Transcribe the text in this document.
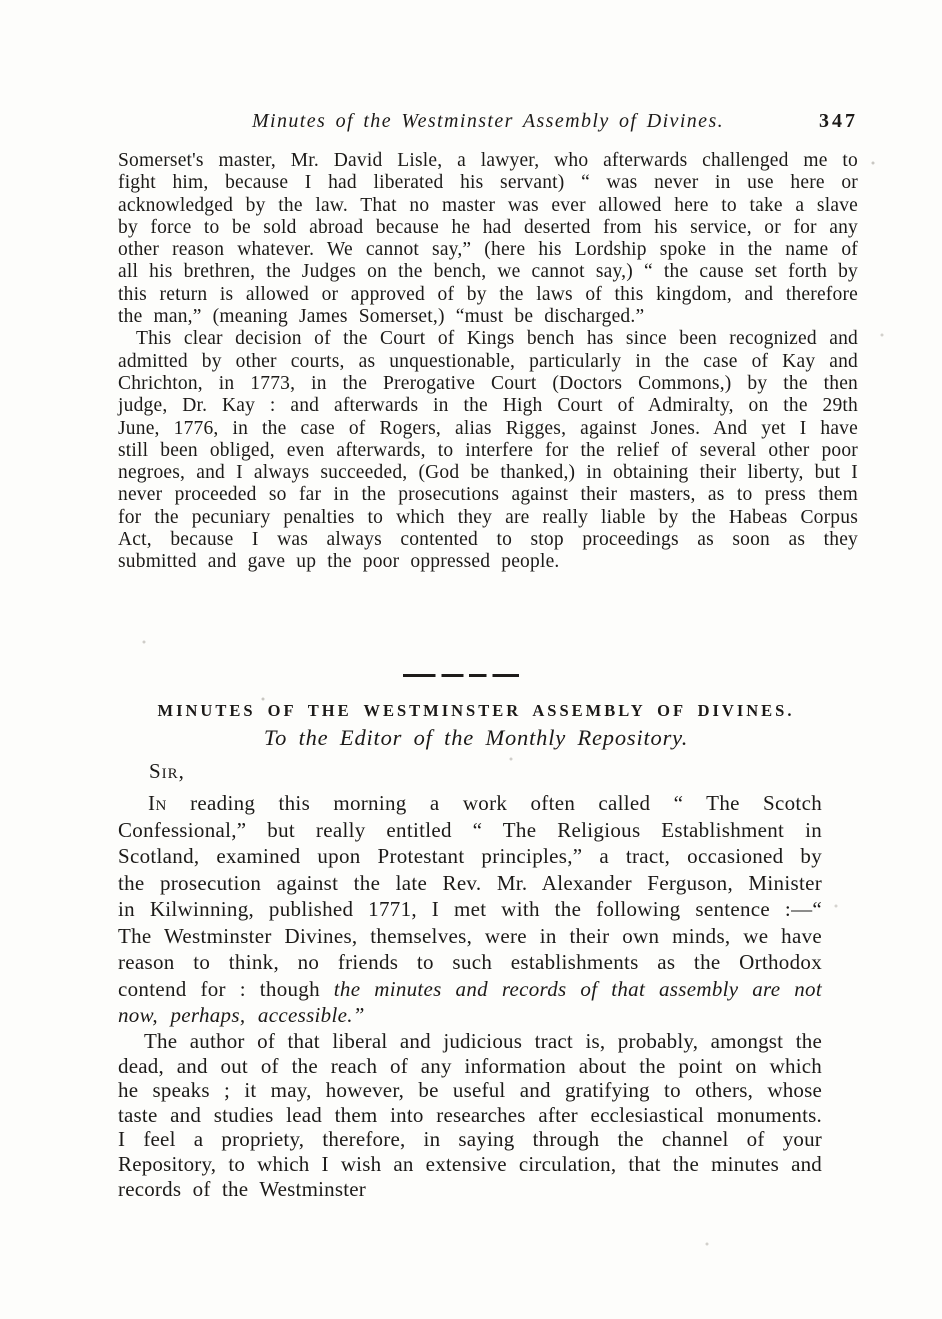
Minutes of the Westminster Assembly of Divines.	347

Somerset's master, Mr. David Lisle, a lawyer, who afterwards challenged me to fight him, because I had liberated his servant) “ was never in use here or acknowledged by the law. That no master was ever allowed here to take a slave by force to be sold abroad because he had deserted from his service, or for any other reason whatever. We cannot say,” (here his Lordship spoke in the name of all his brethren, the Judges on the bench, we cannot say,) “ the cause set forth by this return is allowed or approved of by the laws of this kingdom, and therefore the man,” (meaning James Somerset,) “must be discharged.”

This clear decision of the Court of Kings bench has since been recognized and admitted by other courts, as unquestionable, particularly in the case of Kay and Chrichton, in 1773, in the Prerogative Court (Doctors Commons,) by the then judge, Dr. Kay : and afterwards in the High Court of Admiralty, on the 29th June, 1776, in the case of Rogers, alias Rigges, against Jones. And yet I have still been obliged, even afterwards, to interfere for the relief of several other poor negroes, and I always succeeded, (God be thanked,) in obtaining their liberty, but I never proceeded so far in the prosecutions against their masters, as to press them for the pecuniary penalties to which they are really liable by the Habeas Corpus Act, because I was always contented to stop proceedings as soon as they submitted and gave up the poor oppressed people.

MINUTES OF THE WESTMINSTER ASSEMBLY OF DIVINES.
To the Editor of the Monthly Repository.
Sir,

In reading this morning a work often called “ The Scotch Confessional,” but really entitled “ The Religious Establishment in Scotland, examined upon Protestant principles,” a tract, occasioned by the prosecution against the late Rev. Mr. Alexander Ferguson, Minister in Kilwinning, published 1771, I met with the following sentence :—“ The Westminster Divines, themselves, were in their own minds, we have reason to think, no friends to such establishments as the Orthodox contend for : though the minutes and records of that assembly are not now, perhaps, accessible.”

The author of that liberal and judicious tract is, probably, amongst the dead, and out of the reach of any information about the point on which he speaks ; it may, however, be useful and gratifying to others, whose taste and studies lead them into researches after ecclesiastical monuments. I feel a propriety, therefore, in saying through the channel of your Repository, to which I wish an extensive circulation, that the minutes and records of the Westminster
